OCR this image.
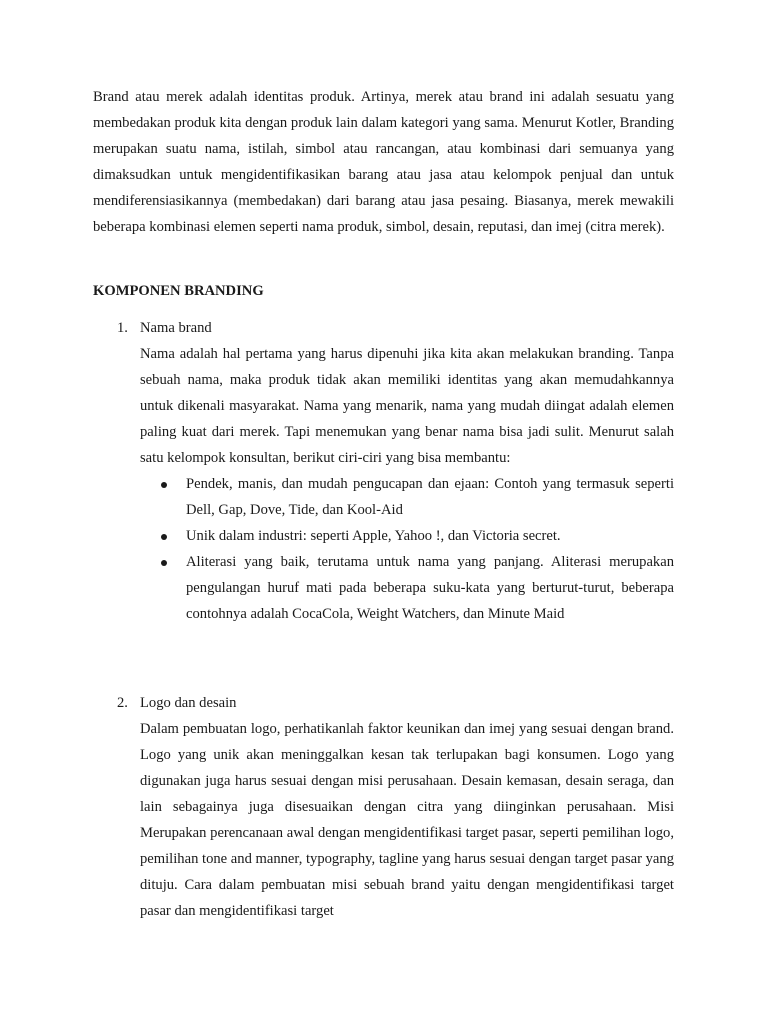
Brand atau merek adalah identitas produk. Artinya, merek atau brand ini adalah sesuatu yang membedakan produk kita dengan produk lain dalam kategori yang sama. Menurut Kotler, Branding merupakan suatu nama, istilah, simbol atau rancangan, atau kombinasi dari semuanya yang dimaksudkan untuk mengidentifikasikan barang atau jasa atau kelompok penjual dan untuk mendiferensiasikannya (membedakan) dari barang atau jasa pesaing. Biasanya, merek mewakili beberapa kombinasi elemen seperti nama produk, simbol, desain, reputasi, dan imej (citra merek).

KOMPONEN BRANDING
1. Nama brand

Nama adalah hal pertama yang harus dipenuhi jika kita akan melakukan branding. Tanpa sebuah nama, maka produk tidak akan memiliki identitas yang akan memudahkannya untuk dikenali masyarakat. Nama yang menarik, nama yang mudah diingat adalah elemen paling kuat dari merek. Tapi menemukan yang benar nama bisa jadi sulit. Menurut salah satu kelompok konsultan, berikut ciri-ciri yang bisa membantu:

Pendek, manis, dan mudah pengucapan dan ejaan: Contoh yang termasuk seperti Dell, Gap, Dove, Tide, dan Kool-Aid
Unik dalam industri: seperti Apple, Yahoo !, dan Victoria secret.
Aliterasi yang baik, terutama untuk nama yang panjang. Aliterasi merupakan pengulangan huruf mati pada beberapa suku-kata yang berturut-turut, beberapa contohnya adalah CocaCola, Weight Watchers, dan Minute Maid
2. Logo dan desain

Dalam pembuatan logo, perhatikanlah faktor keunikan dan imej yang sesuai dengan brand. Logo yang unik akan meninggalkan kesan tak terlupakan bagi konsumen. Logo yang digunakan juga harus sesuai dengan misi perusahaan. Desain kemasan, desain seraga, dan lain sebagainya juga disesuaikan dengan citra yang diinginkan perusahaan. Misi Merupakan perencanaan awal dengan mengidentifikasi target pasar, seperti pemilihan logo, pemilihan tone and manner, typography, tagline yang harus sesuai dengan target pasar yang dituju. Cara dalam pembuatan misi sebuah brand yaitu dengan mengidentifikasi target pasar dan mengidentifikasi target
